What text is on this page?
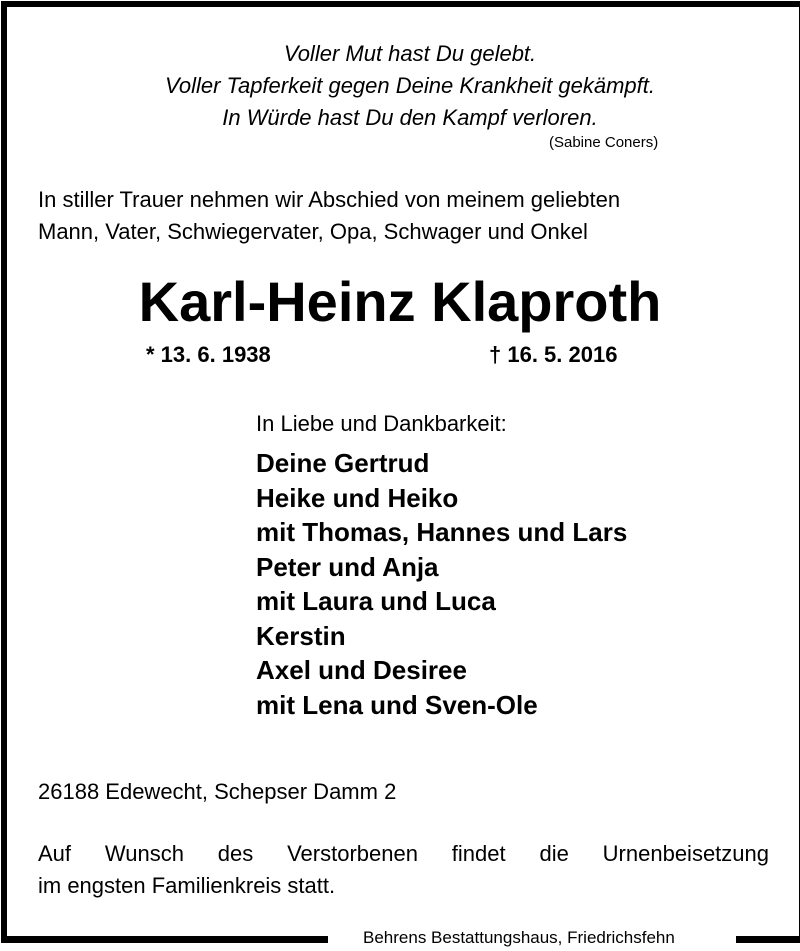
Voller Mut hast Du gelebt.
Voller Tapferkeit gegen Deine Krankheit gekämpft.
In Würde hast Du den Kampf verloren.
(Sabine Coners)
In stiller Trauer nehmen wir Abschied von meinem geliebten
Mann, Vater, Schwiegervater, Opa, Schwager und Onkel
Karl-Heinz Klaproth
* 13. 6. 1938	† 16. 5. 2016
In Liebe und Dankbarkeit:
Deine Gertrud
Heike und Heiko
mit Thomas, Hannes und Lars
Peter und Anja
mit Laura und Luca
Kerstin
Axel und Desiree
mit Lena und Sven-Ole
26188 Edewecht, Schepser Damm 2
Auf Wunsch des Verstorbenen findet die Urnenbeisetzung
im engsten Familienkreis statt.
Behrens Bestattungshaus, Friedrichsfehn
